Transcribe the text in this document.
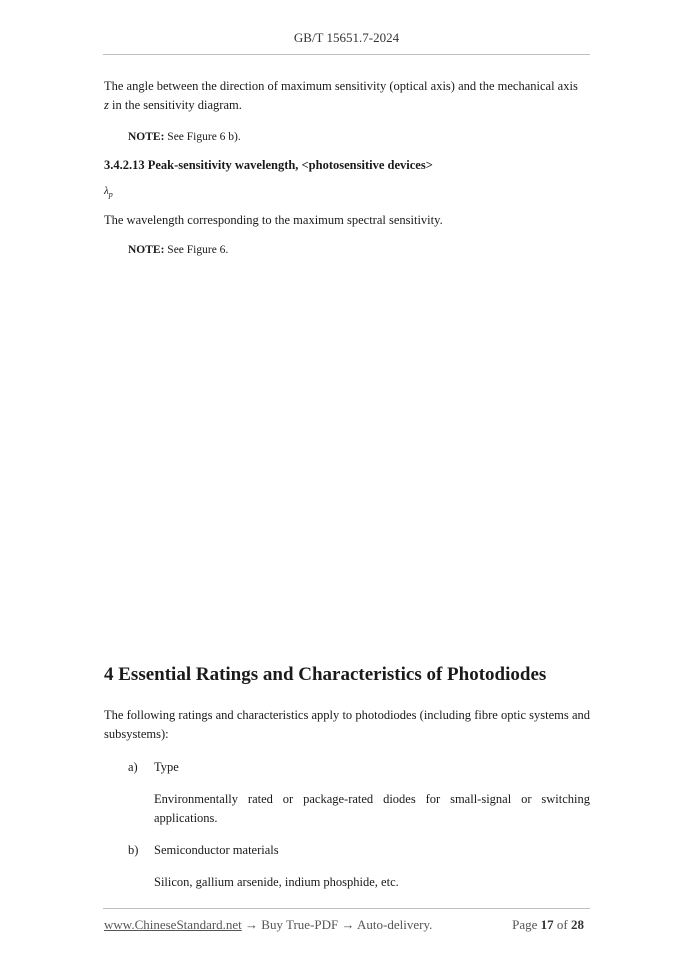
GB/T 15651.7-2024

The angle between the direction of maximum sensitivity (optical axis) and the mechanical axis
z in the sensitivity diagram.

NOTE: See Figure 6 b).

3.4.2.13 Peak-sensitivity wavelength, <photosensitive devices>

$\lambda_p$

The wavelength corresponding to the maximum spectral sensitivity.

NOTE: See Figure 6.

4 Essential Ratings and Characteristics of Photodiodes

The following ratings and characteristics apply to photodiodes (including fibre optic systems and subsystems):

a) Type
Environmentally rated or package-rated diodes for small-signal or switching applications.
b) Semiconductor materials
Silicon, gallium arsenide, indium phosphide, etc.
www.ChineseStandard.net → Buy True-PDF → Auto-delivery.	Page 17 of 28
